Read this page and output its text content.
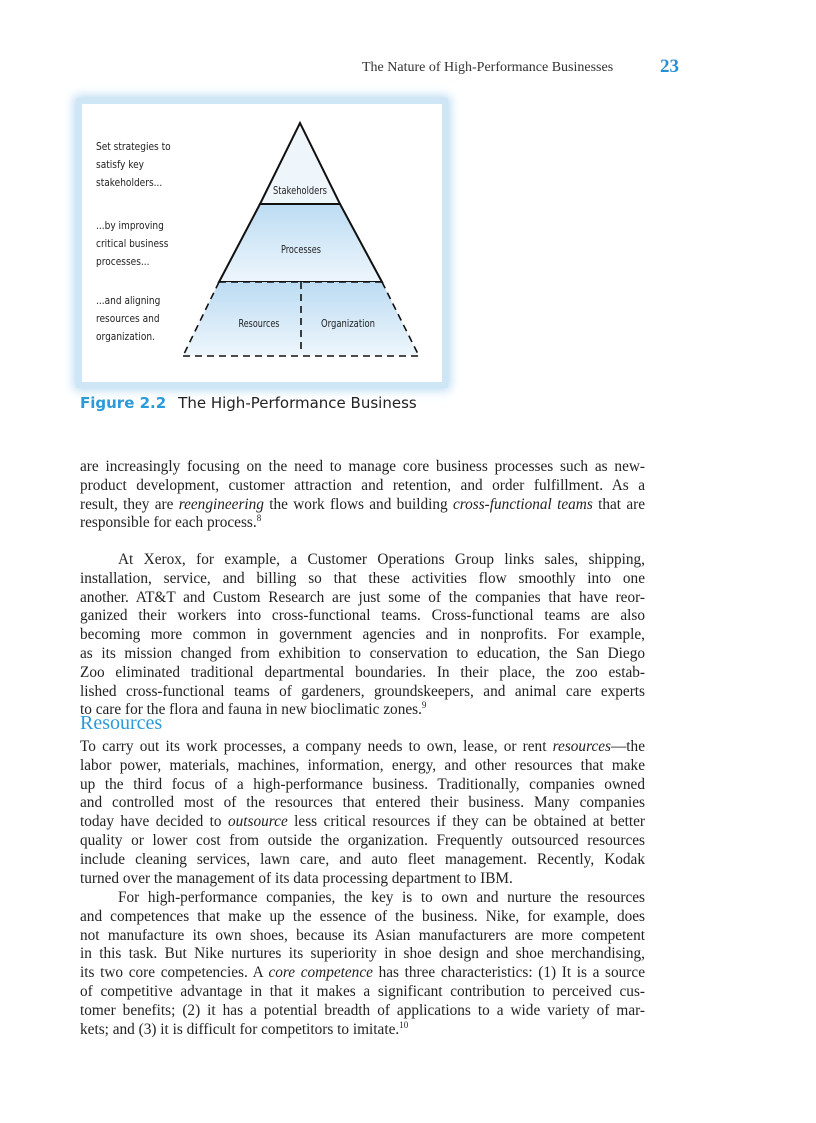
The Nature of High-Performance Businesses 23
Set strategies to
satisfy key
stakeholders...
...by improving
critical business
processes...
...and aligning
resources and
organization.
Stakeholders
Processes
Resources	Organization
Figure 2.2 The High-Performance Business
are increasingly focusing on the need to manage core business processes such as new-
product development, customer attraction and retention, and order fulfillment. As a
result, they are reengineering the work flows and building cross-functional teams that are
responsible for each process.$^8$
At Xerox, for example, a Customer Operations Group links sales, shipping,
installation, service, and billing so that these activities flow smoothly into one
another. AT&T and Custom Research are just some of the companies that have reor-
ganized their workers into cross-functional teams. Cross-functional teams are also
becoming more common in government agencies and in nonprofits. For example,
as its mission changed from exhibition to conservation to education, the San Diego
Zoo eliminated traditional departmental boundaries. In their place, the zoo estab-
lished cross-functional teams of gardeners, groundskeepers, and animal care experts
to care for the flora and fauna in new bioclimatic zones.$^9$
Resources
To carry out its work processes, a company needs to own, lease, or rent resources—the
labor power, materials, machines, information, energy, and other resources that make
up the third focus of a high-performance business. Traditionally, companies owned
and controlled most of the resources that entered their business. Many companies
today have decided to outsource less critical resources if they can be obtained at better
quality or lower cost from outside the organization. Frequently outsourced resources
include cleaning services, lawn care, and auto fleet management. Recently, Kodak
turned over the management of its data processing department to IBM.
For high-performance companies, the key is to own and nurture the resources
and competences that make up the essence of the business. Nike, for example, does
not manufacture its own shoes, because its Asian manufacturers are more competent
in this task. But Nike nurtures its superiority in shoe design and shoe merchandising,
its two core competencies. A core competence has three characteristics: (1) It is a source
of competitive advantage in that it makes a significant contribution to perceived cus-
tomer benefits; (2) it has a potential breadth of applications to a wide variety of mar-
kets; and (3) it is difficult for competitors to imitate.$^{10}$
